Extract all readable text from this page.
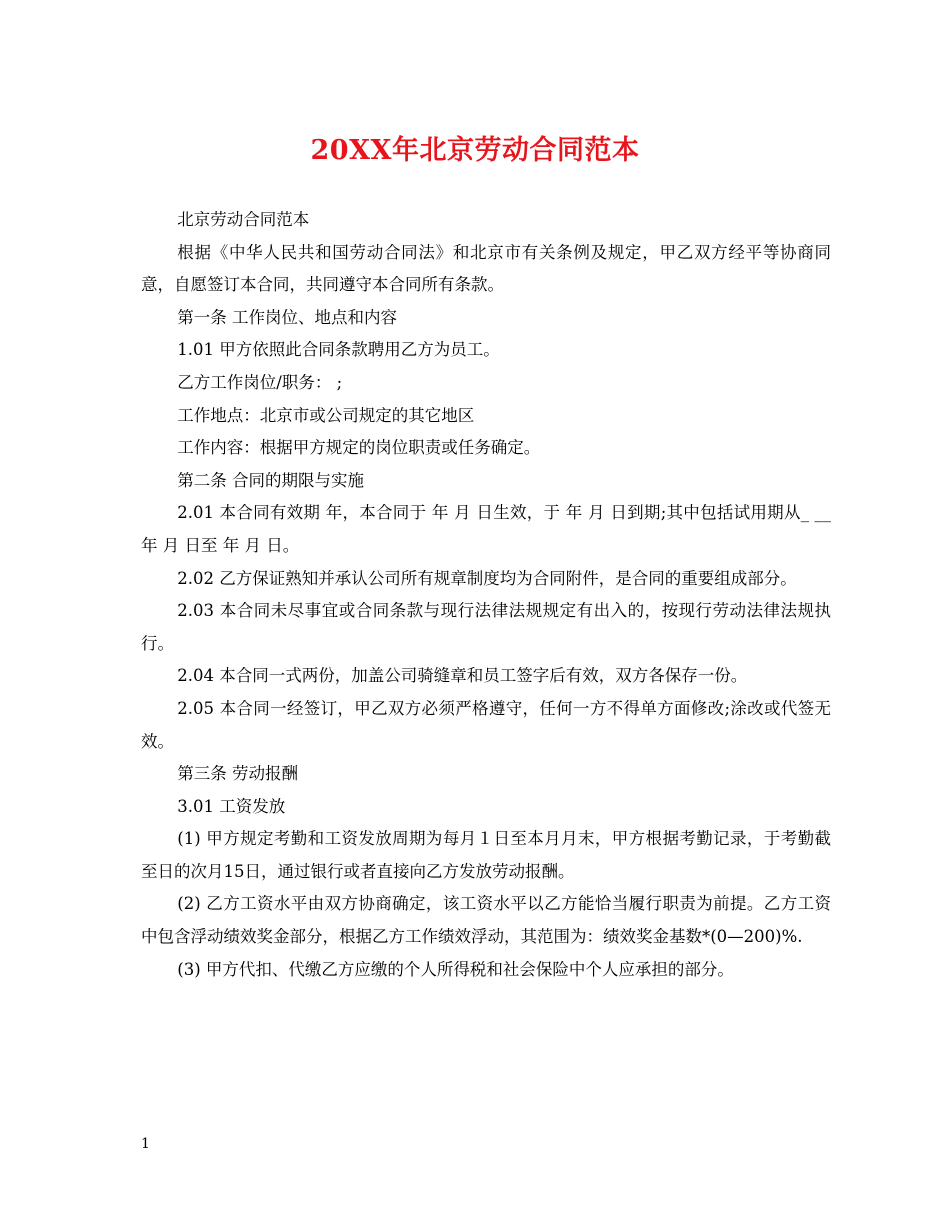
20XX年北京劳动合同范本

北京劳动合同范本

根据《中华人民共和国劳动合同法》和北京市有关条例及规定，甲乙双方经平等协商同意，自愿签订本合同，共同遵守本合同所有条款。

第一条 工作岗位、地点和内容

1.01 甲方依照此合同条款聘用乙方为员工。

乙方工作岗位/职务： ;

工作地点：北京市或公司规定的其它地区

工作内容：根据甲方规定的岗位职责或任务确定。

第二条 合同的期限与实施

2.01 本合同有效期 年，本合同于 年 月 日生效，于 年 月 日到期;其中包括试用期从_ __年 月 日至 年 月 日。

2.02 乙方保证熟知并承认公司所有规章制度均为合同附件，是合同的重要组成部分。

2.03 本合同未尽事宜或合同条款与现行法律法规规定有出入的，按现行劳动法律法规执行。

2.04 本合同一式两份，加盖公司骑缝章和员工签字后有效，双方各保存一份。

2.05 本合同一经签订，甲乙双方必须严格遵守，任何一方不得单方面修改;涂改或代签无效。

第三条 劳动报酬

3.01 工资发放

(1) 甲方规定考勤和工资发放周期为每月１日至本月月末，甲方根据考勤记录，于考勤截至日的次月15日，通过银行或者直接向乙方发放劳动报酬。

(2) 乙方工资水平由双方协商确定，该工资水平以乙方能恰当履行职责为前提。乙方工资中包含浮动绩效奖金部分，根据乙方工作绩效浮动，其范围为：绩效奖金基数*(0—200)%.

(3) 甲方代扣、代缴乙方应缴的个人所得税和社会保险中个人应承担的部分。

1
